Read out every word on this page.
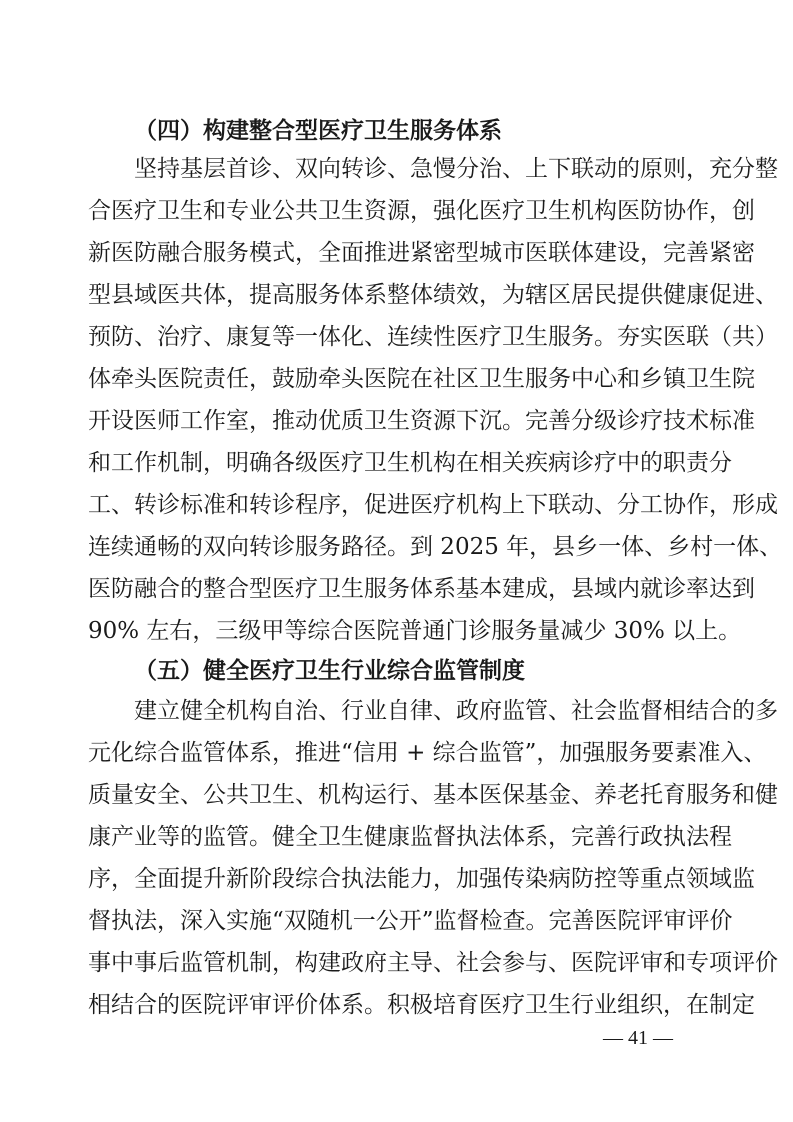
（四）构建整合型医疗卫生服务体系
　　坚持基层首诊、双向转诊、急慢分治、上下联动的原则，充分整
合医疗卫生和专业公共卫生资源，强化医疗卫生机构医防协作，创
新医防融合服务模式，全面推进紧密型城市医联体建设，完善紧密
型县域医共体，提高服务体系整体绩效，为辖区居民提供健康促进、
预防、治疗、康复等一体化、连续性医疗卫生服务。夯实医联（共）
体牵头医院责任，鼓励牵头医院在社区卫生服务中心和乡镇卫生院
开设医师工作室，推动优质卫生资源下沉。完善分级诊疗技术标准
和工作机制，明确各级医疗卫生机构在相关疾病诊疗中的职责分
工、转诊标准和转诊程序，促进医疗机构上下联动、分工协作，形成
连续通畅的双向转诊服务路径。到 2025 年，县乡一体、乡村一体、
医防融合的整合型医疗卫生服务体系基本建成，县域内就诊率达到
90% 左右，三级甲等综合医院普通门诊服务量减少 30% 以上。
（五）健全医疗卫生行业综合监管制度
　　建立健全机构自治、行业自律、政府监管、社会监督相结合的多
元化综合监管体系，推进“信用 + 综合监管”，加强服务要素准入、
质量安全、公共卫生、机构运行、基本医保基金、养老托育服务和健
康产业等的监管。健全卫生健康监督执法体系，完善行政执法程
序，全面提升新阶段综合执法能力，加强传染病防控等重点领域监
督执法，深入实施“双随机一公开”监督检查。完善医院评审评价
事中事后监管机制，构建政府主导、社会参与、医院评审和专项评价
相结合的医院评审评价体系。积极培育医疗卫生行业组织，在制定
— 41 —
